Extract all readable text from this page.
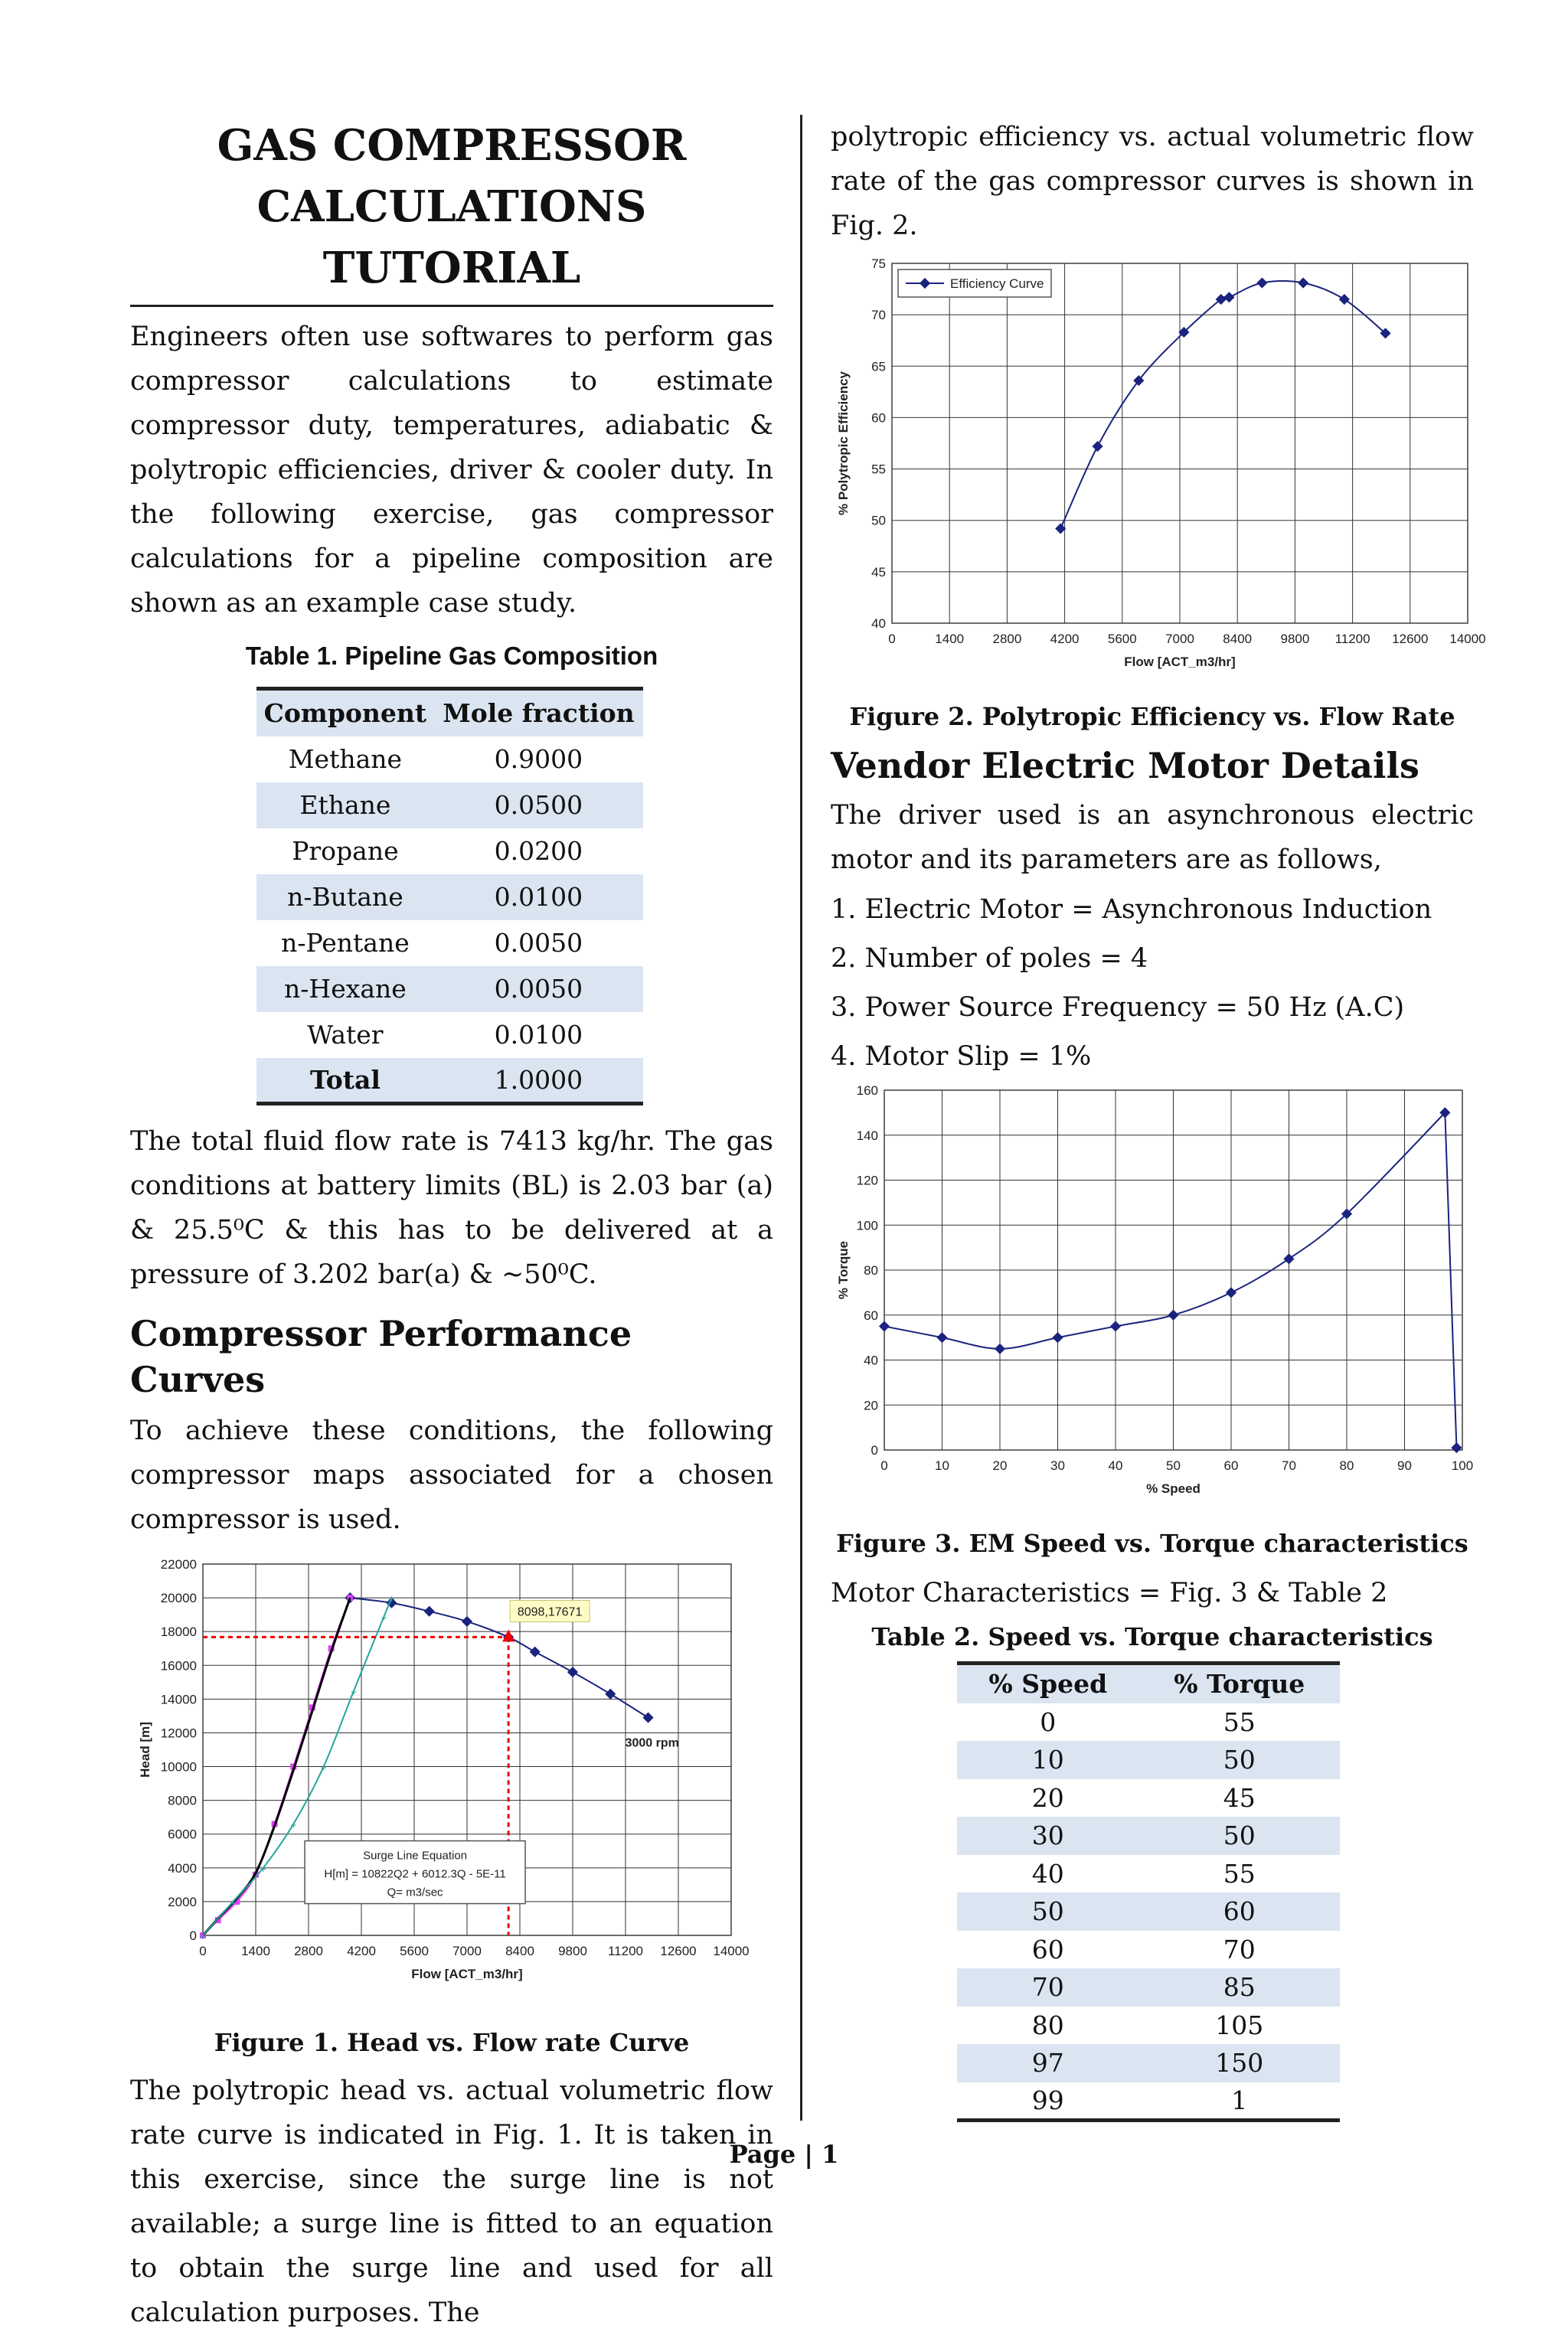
GAS COMPRESSOR
CALCULATIONS TUTORIAL

Engineers often use softwares to perform gas compressor calculations to estimate compressor duty, temperatures, adiabatic & polytropic efficiencies, driver & cooler duty. In the following exercise, gas compressor calculations for a pipeline composition are shown as an example case study.

Table 1. Pipeline Gas Composition
Component	Mole fraction
Methane	0.9000
Ethane	0.0500
Propane	0.0200
n-Butane	0.0100
n-Pentane	0.0050
n-Hexane	0.0050
Water	0.0100
Total	1.0000

The total fluid flow rate is 7413 kg/hr. The gas conditions at battery limits (BL) is 2.03 bar (a) & 25.5⁰C & this has to be delivered at a pressure of 3.202 bar(a) & ~50⁰C.

Compressor Performance Curves

To achieve these conditions, the following compressor maps associated for a chosen compressor is used.

0	1400 2800 4200 5600 7000 8400 9800 11200 12600 14000
0
2000
4000
6000
8000
10000
12000
14000
16000
18000
20000
22000
Flow [ACT_m3/hr]
Head [m]
+
+
+
+
+
+
+
+
8098,17671
3000 rpm
Surge Line Equation
H[m] = 10822Q2 + 6012.3Q - 5E-11
Q= m3/sec
Figure 1. Head vs. Flow rate Curve

The polytropic head vs. actual volumetric flow rate curve is indicated in Fig. 1. It is taken in this exercise, since the surge line is not available; a surge line is fitted to an equation to obtain the surge line and used for all calculation purposes. The

polytropic efficiency vs. actual volumetric flow rate of the gas compressor curves is shown in Fig. 2.

0	1400 2800 4200 5600 7000 8400 9800 11200 12600 14000
40
45
50
55
60
65
70
75
Flow [ACT_m3/hr]
% Polytropic Efficiency
Efficiency Curve
Figure 2. Polytropic Efficiency vs. Flow Rate
Vendor Electric Motor Details

The driver used is an asynchronous electric motor and its parameters are as follows,

1. Electric Motor = Asynchronous Induction
2. Number of poles = 4
3. Power Source Frequency = 50 Hz (A.C)
4. Motor Slip = 1%
0	10	20	30	40	50	60	70	80	90	100
0
20
40
60
80
100
120
140
160
% Speed
% Torque
Figure 3. EM Speed vs. Torque characteristics

Motor Characteristics = Fig. 3 & Table 2

Table 2. Speed vs. Torque characteristics
% Speed	% Torque
0	55
10	50
20	45
30	50
40	55
50	60
60	70
70	85
80	105
97	150
99	1
Page | 1
